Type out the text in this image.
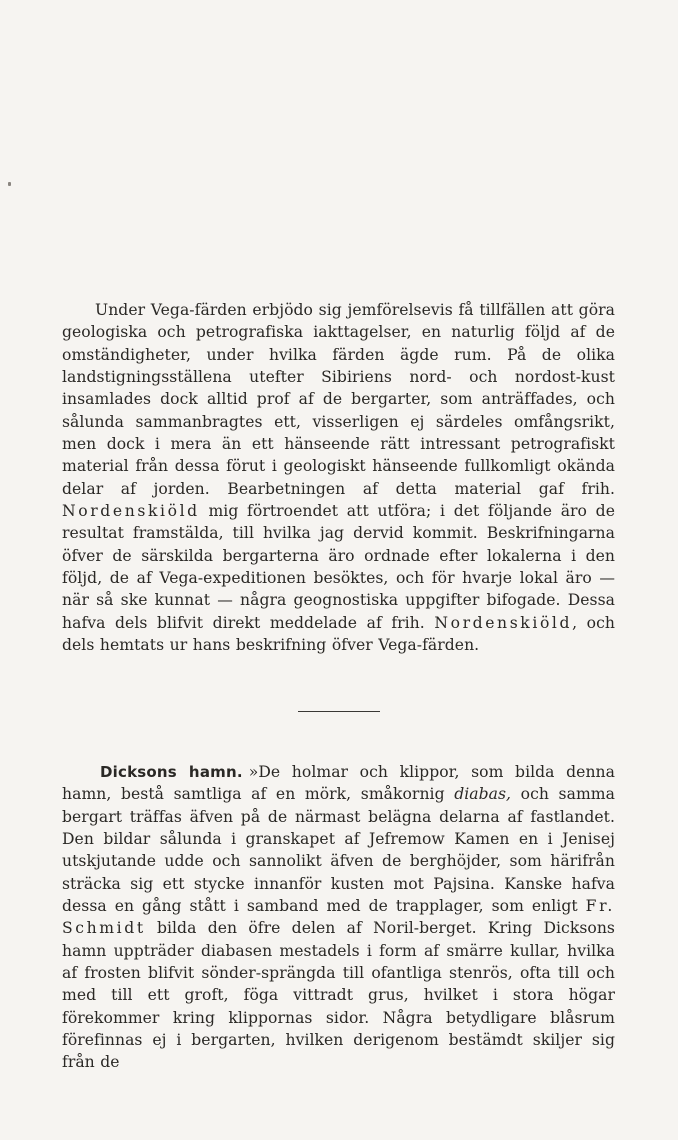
Under Vega-färden erbjödo sig jemförelsevis få tillfällen att göra geologiska och petrografiska iakttagelser, en naturlig följd af de omständigheter, under hvilka färden ägde rum. På de olika landstigningsställena utefter Sibiriens nord- och nordost-kust insamlades dock alltid prof af de bergarter, som anträffades, och sålunda sammanbragtes ett, visserligen ej särdeles omfångsrikt, men dock i mera än ett hänseende rätt intressant petrografiskt material från dessa förut i geologiskt hänseende fullkomligt okända delar af jorden. Bearbetningen af detta material gaf frih. Nordenskiöld mig förtroendet att utföra; i det följande äro de resultat framstälda, till hvilka jag dervid kommit. Beskrifningarna öfver de särskilda bergarterna äro ordnade efter lokalerna i den följd, de af Vega-expeditionen besöktes, och för hvarje lokal äro — när så ske kunnat — några geognostiska uppgifter bifogade. Dessa hafva dels blifvit direkt meddelade af frih. Nordenskiöld, och dels hemtats ur hans beskrifning öfver Vega-färden.

Dicksons hamn. »De holmar och klippor, som bilda denna hamn, bestå samtliga af en mörk, småkornig diabas, och samma bergart träffas äfven på de närmast belägna delarna af fastlandet. Den bildar sålunda i granskapet af Jefremow Kamen en i Jenisej utskjutande udde och sannolikt äfven de berghöjder, som härifrån sträcka sig ett stycke innanför kusten mot Pajsina. Kanske hafva dessa en gång stått i samband med de trapplager, som enligt Fr. Schmidt bilda den öfre delen af Noril-berget. Kring Dicksons hamn uppträder diabasen mestadels i form af smärre kullar, hvilka af frosten blifvit sönder-sprängda till ofantliga stenrös, ofta till och med till ett groft, föga vittradt grus, hvilket i stora högar förekommer kring klippornas sidor. Några betydligare blåsrum förefinnas ej i bergarten, hvilken derigenom bestämdt skiljer sig från de
